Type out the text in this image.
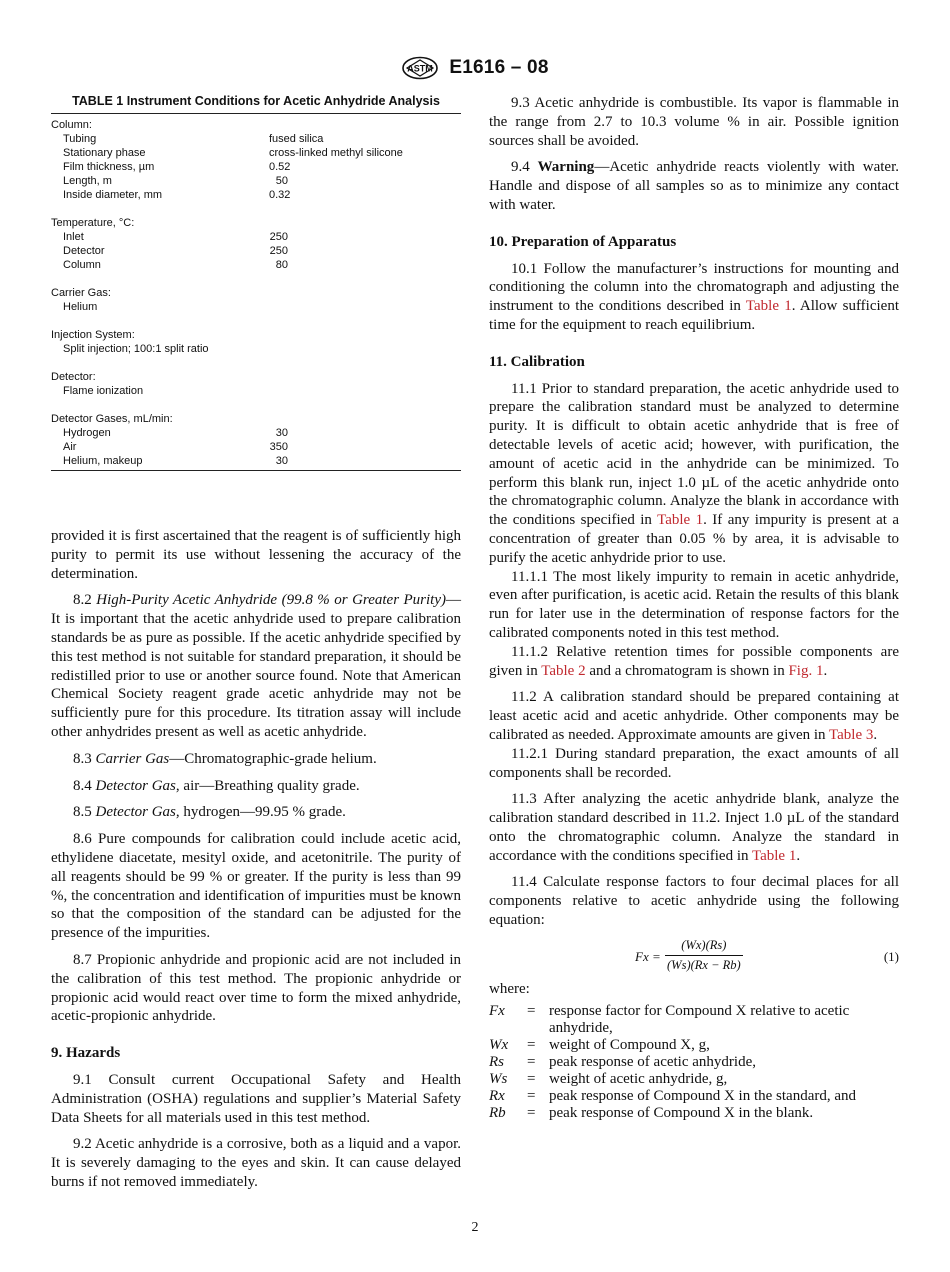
ASTM E1616 – 08
TABLE 1 Instrument Conditions for Acetic Anhydride Analysis
Column:
Tubing	fused silica
Stationary phase	cross-linked methyl silicone
Film thickness, µm	0.52
Length, m	50
Inside diameter, mm	0.32
Temperature, °C:
Inlet	250
Detector	250
Column	80
Carrier Gas:
Helium
Injection System:
Split injection; 100:1 split ratio
Detector:
Flame ionization
Detector Gases, mL/min:
Hydrogen	30
Air	350
Helium, makeup	30

provided it is first ascertained that the reagent is of sufficiently high purity to permit its use without lessening the accuracy of the determination.

8.2 High-Purity Acetic Anhydride (99.8 % or Greater Purity)—It is important that the acetic anhydride used to prepare calibration standards be as pure as possible. If the acetic anhydride specified by this test method is not suitable for standard preparation, it should be redistilled prior to use or another source found. Note that American Chemical Society reagent grade acetic anhydride may not be sufficiently pure for this procedure. Its titration assay will include other anhydrides present as well as acetic anhydride.

8.3 Carrier Gas—Chromatographic-grade helium.

8.4 Detector Gas, air—Breathing quality grade.

8.5 Detector Gas, hydrogen—99.95 % grade.

8.6 Pure compounds for calibration could include acetic acid, ethylidene diacetate, mesityl oxide, and acetonitrile. The purity of all reagents should be 99 % or greater. If the purity is less than 99 %, the concentration and identification of impurities must be known so that the composition of the standard can be adjusted for the presence of the impurities.

8.7 Propionic anhydride and propionic acid are not included in the calibration of this test method. The propionic anhydride or propionic acid would react over time to form the mixed anhydride, acetic-propionic anhydride.

9. Hazards

9.1 Consult current Occupational Safety and Health Administration (OSHA) regulations and supplier’s Material Safety Data Sheets for all materials used in this test method.

9.2 Acetic anhydride is a corrosive, both as a liquid and a vapor. It is severely damaging to the eyes and skin. It can cause delayed burns if not removed immediately.

9.3 Acetic anhydride is combustible. Its vapor is flammable in the range from 2.7 to 10.3 volume % in air. Possible ignition sources shall be avoided.

9.4 Warning—Acetic anhydride reacts violently with water. Handle and dispose of all samples so as to minimize any contact with water.

10. Preparation of Apparatus

10.1 Follow the manufacturer’s instructions for mounting and conditioning the column into the chromatograph and adjusting the instrument to the conditions described in Table 1. Allow sufficient time for the equipment to reach equilibrium.

11. Calibration

11.1 Prior to standard preparation, the acetic anhydride used to prepare the calibration standard must be analyzed to determine purity. It is difficult to obtain acetic anhydride that is free of detectable levels of acetic acid; however, with purification, the amount of acetic acid in the anhydride can be minimized. To perform this blank run, inject 1.0 µL of the acetic anhydride onto the chromatographic column. Analyze the blank in accordance with the conditions specified in Table 1. If any impurity is present at a concentration of greater than 0.05 % by area, it is advisable to purify the acetic anhydride prior to use.

11.1.1 The most likely impurity to remain in acetic anhydride, even after purification, is acetic acid. Retain the results of this blank run for later use in the determination of response factors for the calibrated components noted in this test method.

11.1.2 Relative retention times for possible components are given in Table 2 and a chromatogram is shown in Fig. 1.

11.2 A calibration standard should be prepared containing at least acetic acid and acetic anhydride. Other components may be calibrated as needed. Approximate amounts are given in Table 3.

11.2.1 During standard preparation, the exact amounts of all components shall be recorded.

11.3 After analyzing the acetic anhydride blank, analyze the calibration standard described in 11.2. Inject 1.0 µL of the standard onto the chromatographic column. Analyze the standard in accordance with the conditions specified in Table 1.

11.4 Calculate response factors to four decimal places for all components relative to acetic anhydride using the following equation:

$Fx = \frac{(Wx)(Rs)}{(Ws)(Rx - Rb)}$	(1)

where:

Fx	= response factor for Compound X relative to acetic anhydride,
Wx	= weight of Compound X, g,
Rs	= peak response of acetic anhydride,
Ws	= weight of acetic anhydride, g,
Rx	= peak response of Compound X in the standard, and
Rb	= peak response of Compound X in the blank.
2
